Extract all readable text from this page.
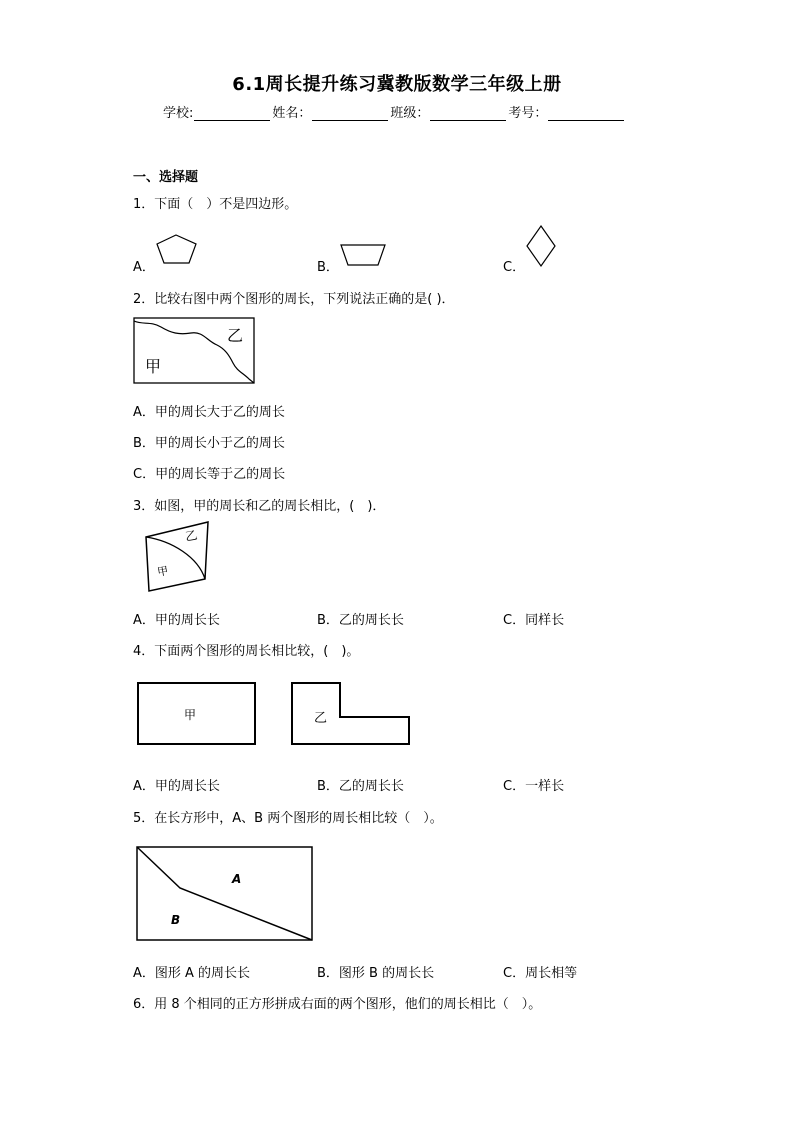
6.1周长提升练习冀教版数学三年级上册
学校:	姓名：	班级：	考号：
一、选择题
1．下面（　）不是四边形。
A．	B．	C．
2．比较右图中两个图形的周长，下列说法正确的是( )．
乙
甲
A．甲的周长大于乙的周长
B．甲的周长小于乙的周长
C．甲的周长等于乙的周长
3．如图，甲的周长和乙的周长相比，(　)．
乙
甲
A．甲的周长长	B．乙的周长长	C．同样长
4．下面两个图形的周长相比较，(　)。
甲	乙
A．甲的周长长	B．乙的周长长	C．一样长
5．在长方形中，A、B 两个图形的周长相比较（　）。
A
B
A．图形 A 的周长长	B．图形 B 的周长长	C．周长相等
6．用 8 个相同的正方形拼成右面的两个图形，他们的周长相比（　）。
